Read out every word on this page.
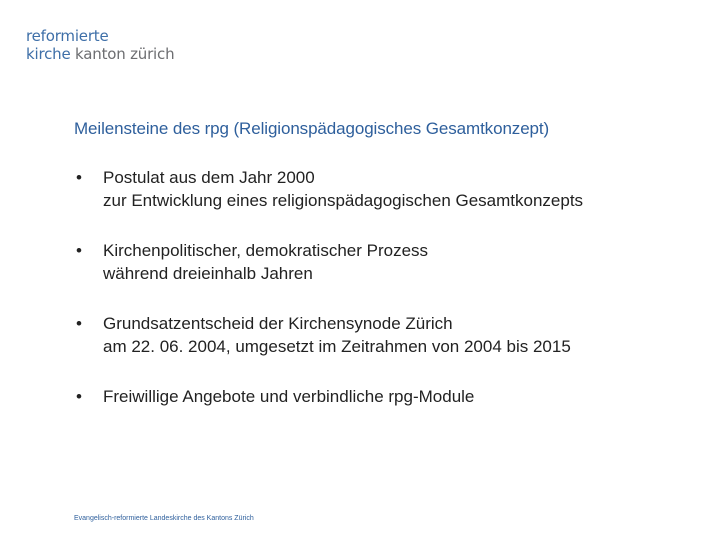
reformierte
kirche kanton zürich
Meilensteine des rpg (Religionspädagogisches Gesamtkonzept)
• Postulat aus dem Jahr 2000
zur Entwicklung eines religionspädagogischen Gesamtkonzepts
• Kirchenpolitischer, demokratischer Prozess
während dreieinhalb Jahren
• Grundsatzentscheid der Kirchensynode Zürich
am 22. 06. 2004, umgesetzt im Zeitrahmen von 2004 bis 2015
• Freiwillige Angebote und verbindliche rpg-Module
Evangelisch-reformierte Landeskirche des Kantons Zürich
